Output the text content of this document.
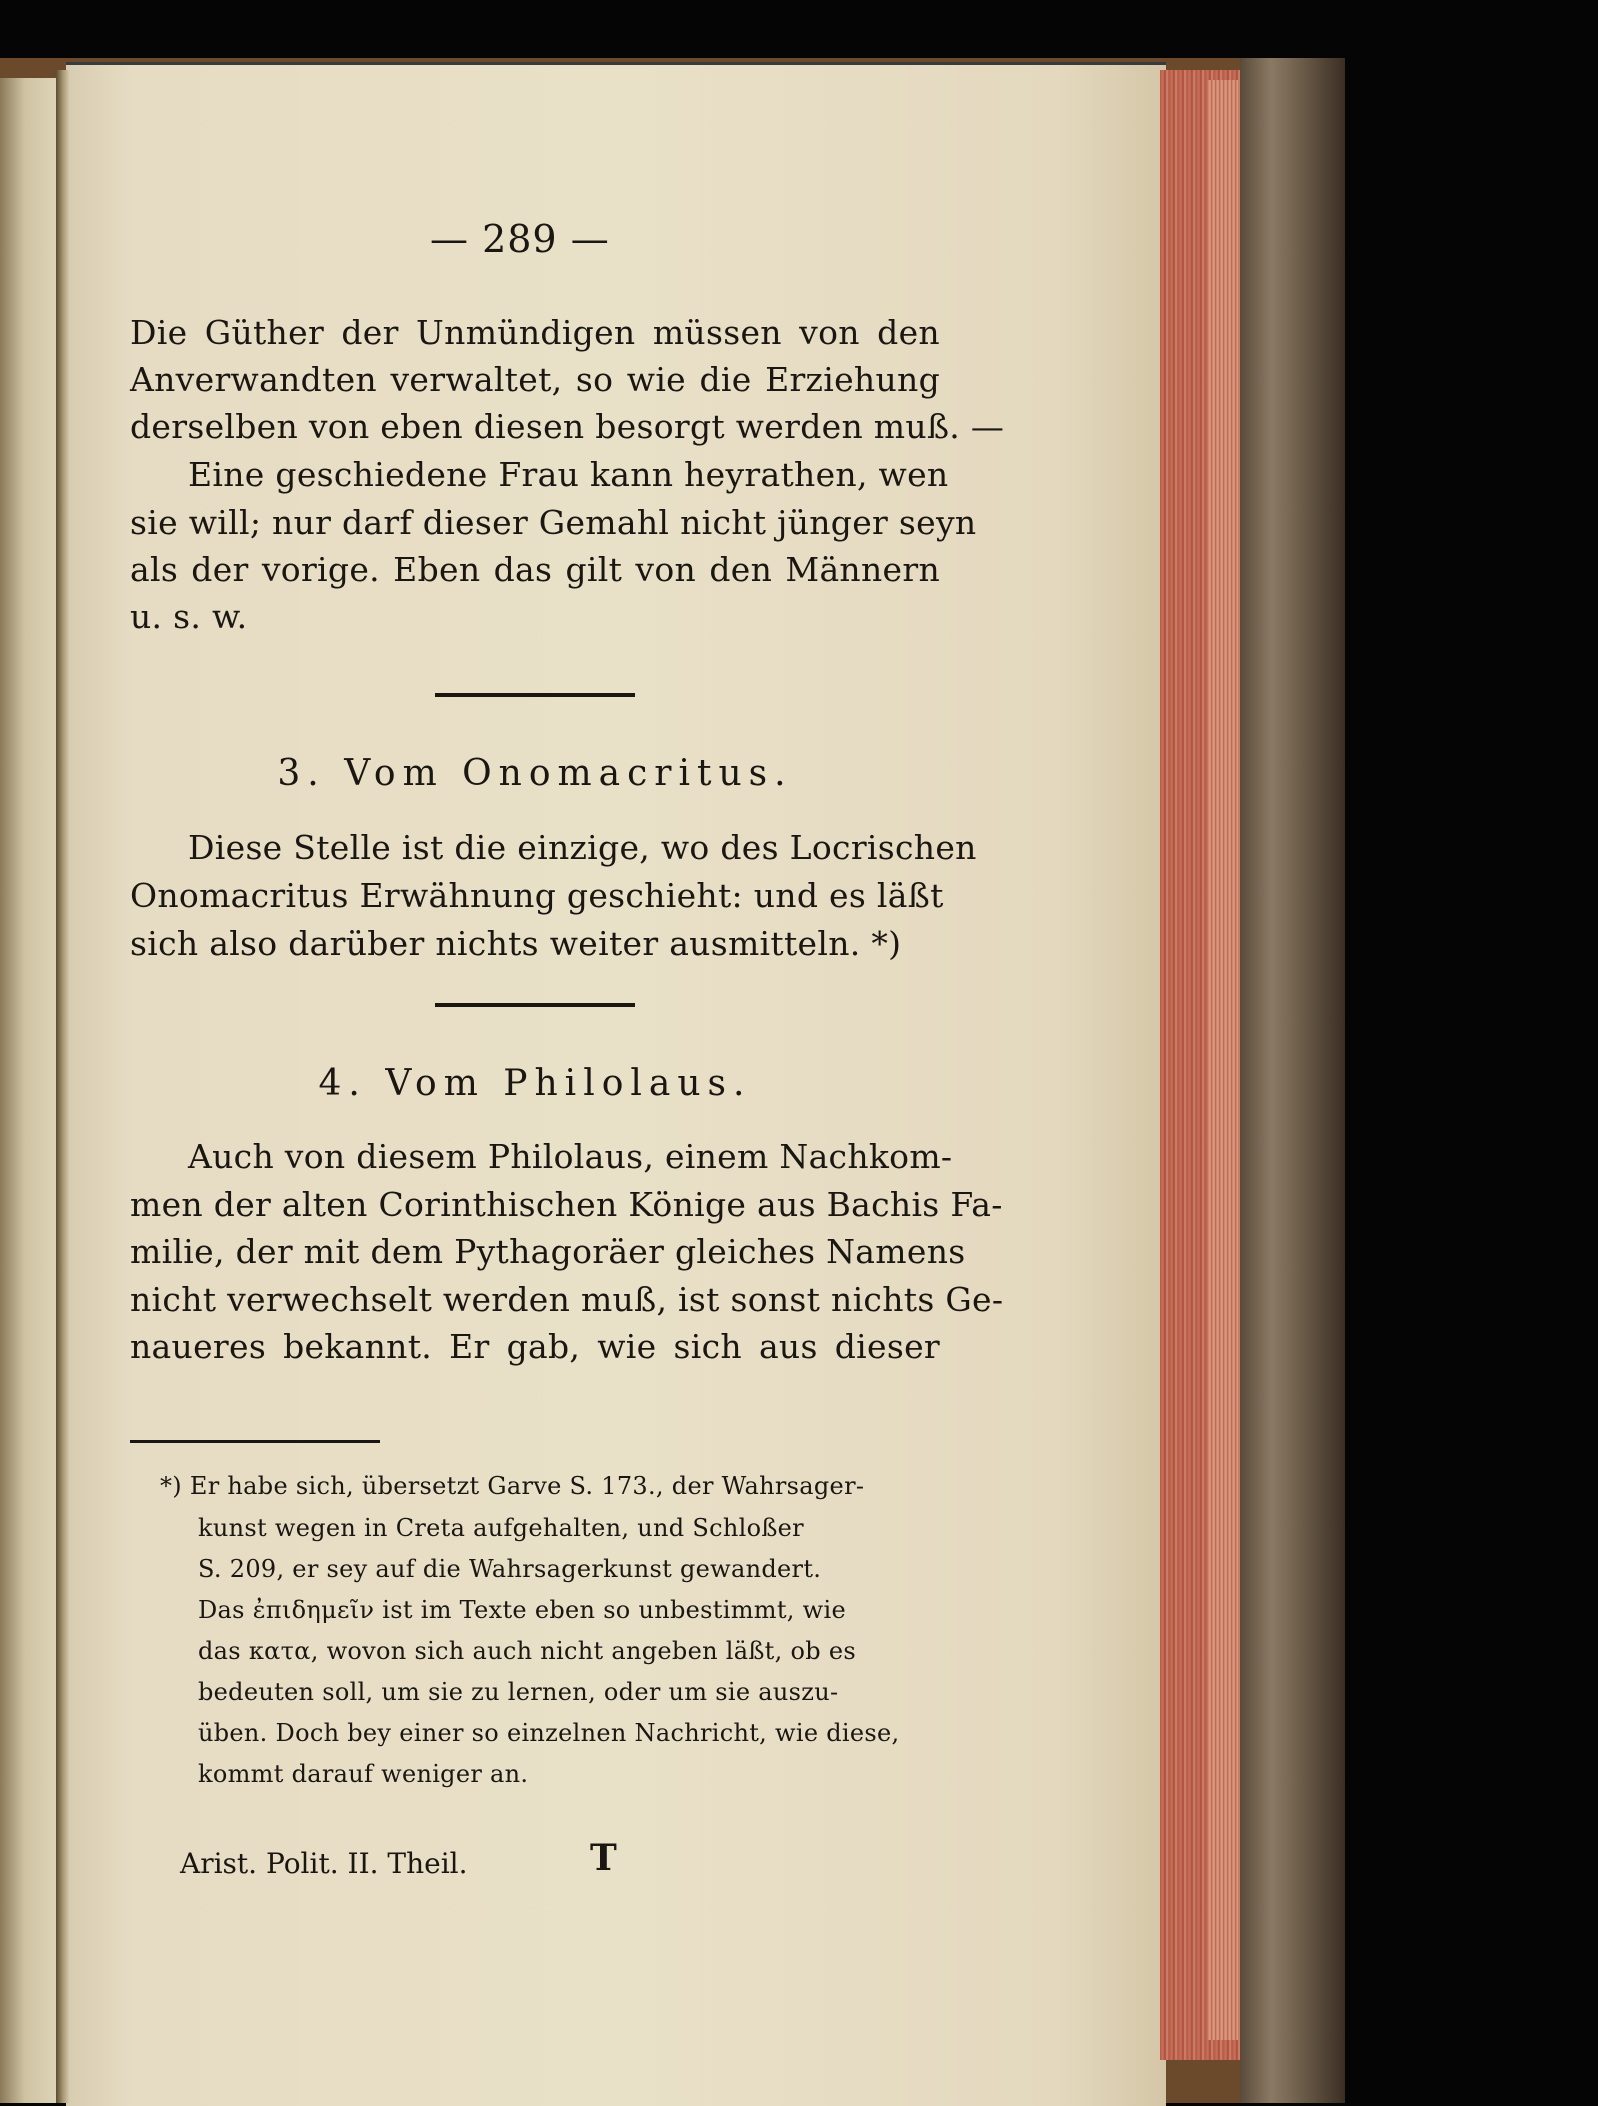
— 289 —
Die Güther der Unmündigen müssen von den
Anverwandten verwaltet, so wie die Erziehung
derselben von eben diesen besorgt werden muß. —
Eine geschiedene Frau kann heyrathen, wen
sie will; nur darf dieser Gemahl nicht jünger seyn
als der vorige. Eben das gilt von den Männern
u. s. w.
3. Vom Onomacritus.
Diese Stelle ist die einzige, wo des Locrischen
Onomacritus Erwähnung geschieht: und es läßt
sich also darüber nichts weiter ausmitteln. *)
4. Vom Philolaus.
Auch von diesem Philolaus, einem Nachkom-
men der alten Corinthischen Könige aus Bachis Fa-
milie, der mit dem Pythagoräer gleiches Namens
nicht verwechselt werden muß, ist sonst nichts Ge-
naueres bekannt. Er gab, wie sich aus dieser
*) Er habe sich, übersetzt Garve S. 173., der Wahrsager-
kunst wegen in Creta aufgehalten, und Schloßer
S. 209, er sey auf die Wahrsagerkunst gewandert.
Das ἐπιδημεῖν ist im Texte eben so unbestimmt, wie
das κατα, wovon sich auch nicht angeben läßt, ob es
bedeuten soll, um sie zu lernen, oder um sie auszu-
üben. Doch bey einer so einzelnen Nachricht, wie diese,
kommt darauf weniger an.
Arist. Polit. II. Theil.	T
